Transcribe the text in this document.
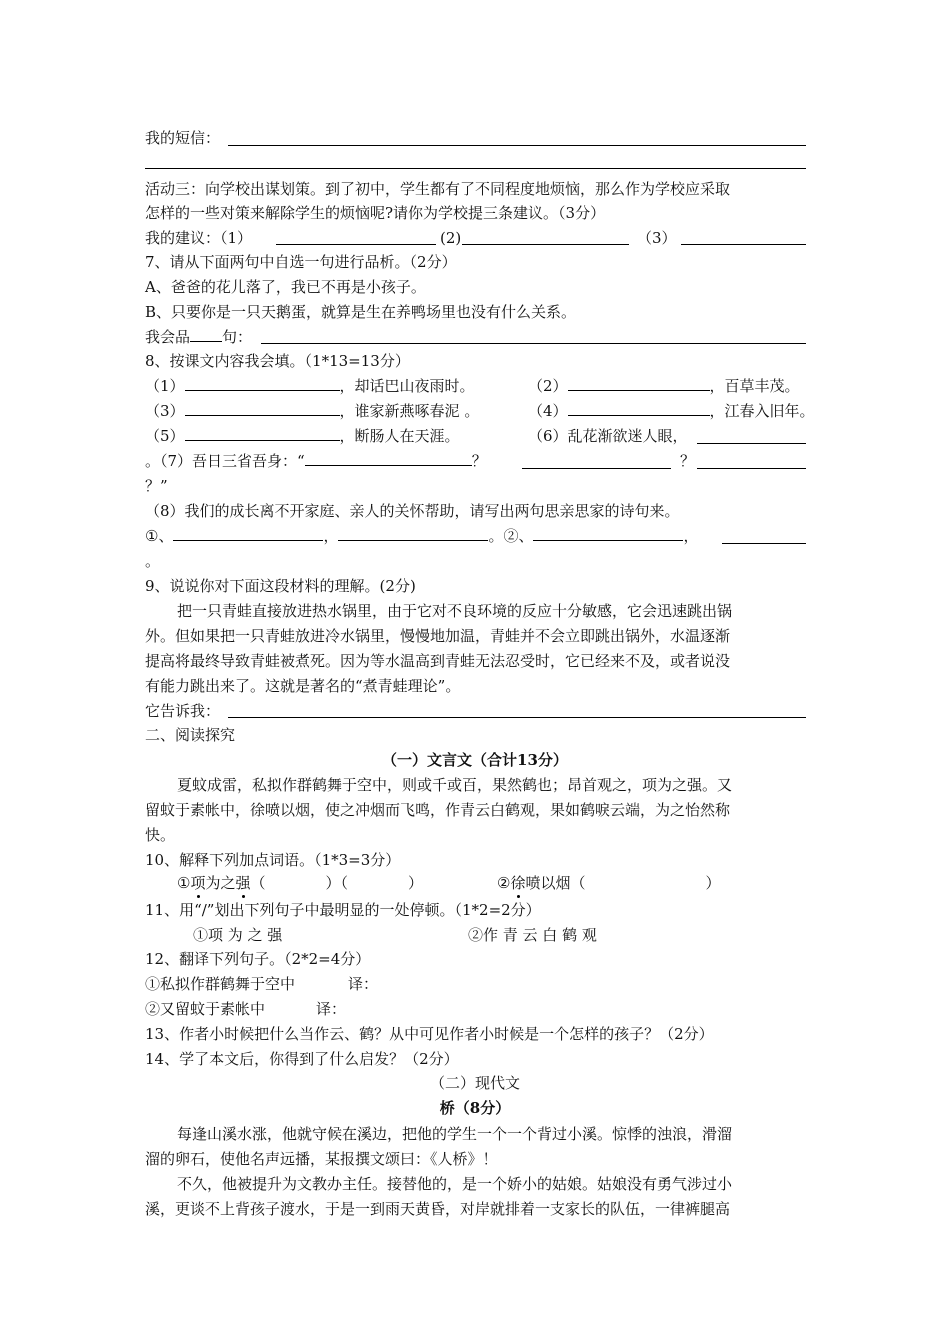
我的短信：
活动三：向学校出谋划策。到了初中，学生都有了不同程度地烦恼，那么作为学校应采取
怎样的一些对策来解除学生的烦恼呢?请你为学校提三条建议。（3分）
我的建议：（1）	(2)	（3）
7、请从下面两句中自选一句进行品析。（2分）
A、爸爸的花儿落了，我已不再是小孩子。
B、只要你是一只天鹅蛋，就算是生在养鸭场里也没有什么关系。
我会品 句：
8、按课文内容我会填。（1*13=13分）
（1）	，却话巴山夜雨时。	（2）	，百草丰茂。
（3）	，谁家新燕啄春泥 。	（4）	，江春入旧年。
（5）	，断肠人在天涯。	（6）乱花渐欲迷人眼，
。（7）吾日三省吾身：“	？	？
？”
（8）我们的成长离不开家庭、亲人的关怀帮助，请写出两句思亲思家的诗句来。
①、	，	。②、	，
。
9、说说你对下面这段材料的理解。(2分)
把一只青蛙直接放进热水锅里，由于它对不良环境的反应十分敏感，它会迅速跳出锅
外。但如果把一只青蛙放进冷水锅里，慢慢地加温，青蛙并不会立即跳出锅外，水温逐渐
提高将最终导致青蛙被煮死。因为等水温高到青蛙无法忍受时，它已经来不及，或者说没
有能力跳出来了。这就是著名的“煮青蛙理论”。
它告诉我：
二、阅读探究
（一）文言文（合计13分）
夏蚊成雷，私拟作群鹤舞于空中，则或千或百，果然鹤也；昂首观之，项为之强。又
留蚊于素帐中，徐喷以烟，使之冲烟而飞鸣，作青云白鹤观，果如鹤唳云端，为之怡然称
快。
10、解释下列加点词语。（1*3=3分）
①项为之强（　　　　）（　　　　）	②徐喷以烟（　　　　　　　　）
11、用“/”划出下列句子中最明显的一处停顿。（1*2=2分）
①项 为 之 强	②作 青 云 白 鹤 观
12、翻译下列句子。（2*2=4分）
①私拟作群鹤舞于空中	译：
②又留蚊于素帐中	译：
13、作者小时候把什么当作云、鹤？从中可见作者小时候是一个怎样的孩子？（2分）
14、学了本文后，你得到了什么启发？（2分）
（二）现代文
桥（8分）
每逢山溪水涨，他就守候在溪边，把他的学生一个一个背过小溪。惊悸的浊浪，滑溜
溜的卵石，使他名声远播，某报撰文颂曰：《人桥》！
不久，他被提升为文教办主任。接替他的，是一个娇小的姑娘。姑娘没有勇气涉过小
溪，更谈不上背孩子渡水，于是一到雨天黄昏，对岸就排着一支家长的队伍，一律裤腿高
